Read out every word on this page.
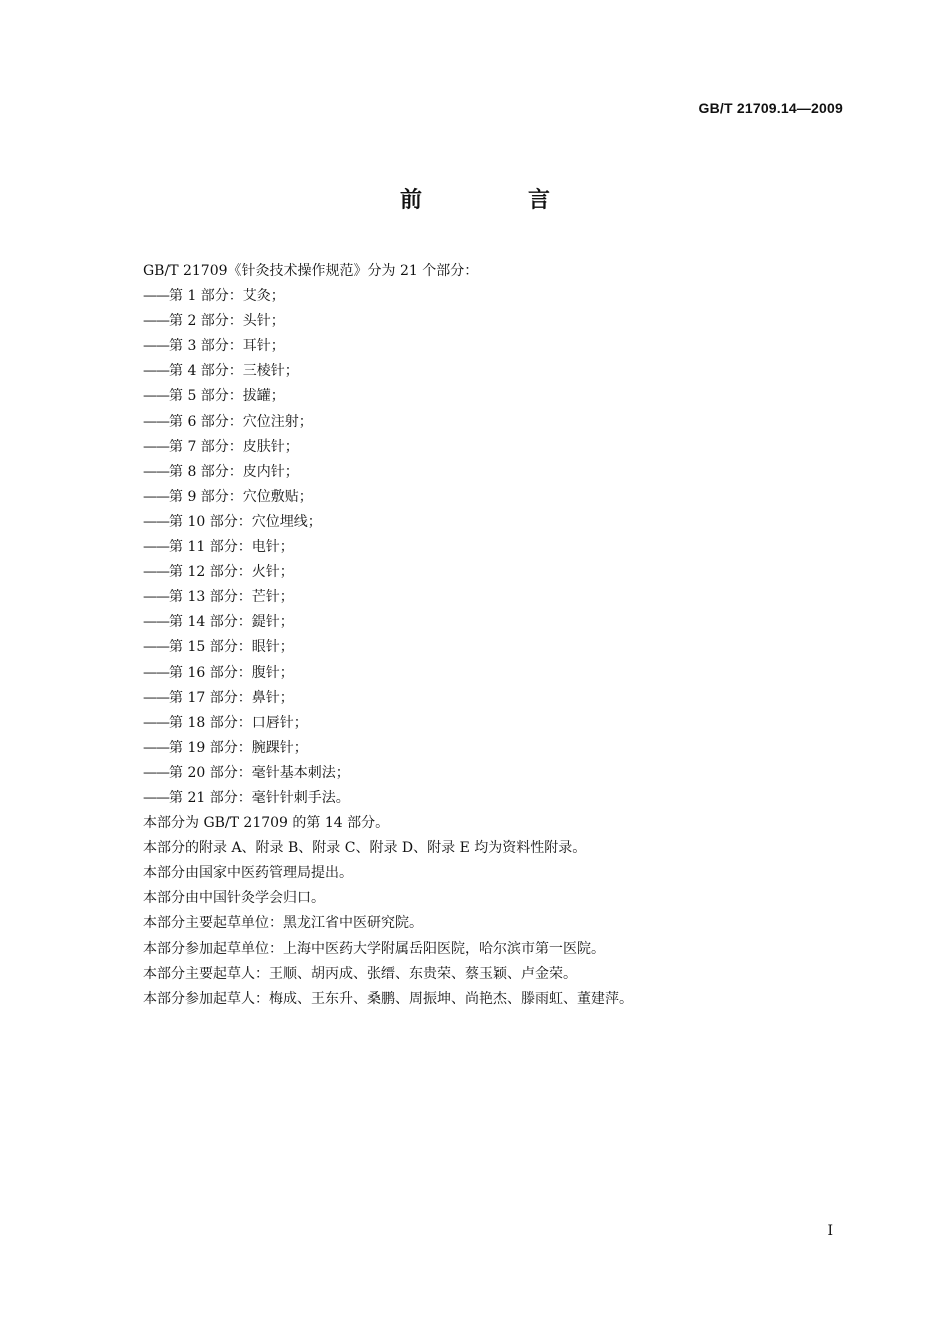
GB/T 21709.14—2009
前　言
GB/T 21709《针灸技术操作规范》分为 21 个部分：
——第 1 部分：艾灸；
——第 2 部分：头针；
——第 3 部分：耳针；
——第 4 部分：三棱针；
——第 5 部分：拔罐；
——第 6 部分：穴位注射；
——第 7 部分：皮肤针；
——第 8 部分：皮内针；
——第 9 部分：穴位敷贴；
——第 10 部分：穴位埋线；
——第 11 部分：电针；
——第 12 部分：火针；
——第 13 部分：芒针；
——第 14 部分：鍉针；
——第 15 部分：眼针；
——第 16 部分：腹针；
——第 17 部分：鼻针；
——第 18 部分：口唇针；
——第 19 部分：腕踝针；
——第 20 部分：毫针基本刺法；
——第 21 部分：毫针针刺手法。
本部分为 GB/T 21709 的第 14 部分。
本部分的附录 A、附录 B、附录 C、附录 D、附录 E 均为资料性附录。
本部分由国家中医药管理局提出。
本部分由中国针灸学会归口。
本部分主要起草单位：黑龙江省中医研究院。
本部分参加起草单位：上海中医药大学附属岳阳医院，哈尔滨市第一医院。
本部分主要起草人：王顺、胡丙成、张缙、东贵荣、蔡玉颖、卢金荣。
本部分参加起草人：梅成、王东升、桑鹏、周振坤、尚艳杰、滕雨虹、董建萍。
I
